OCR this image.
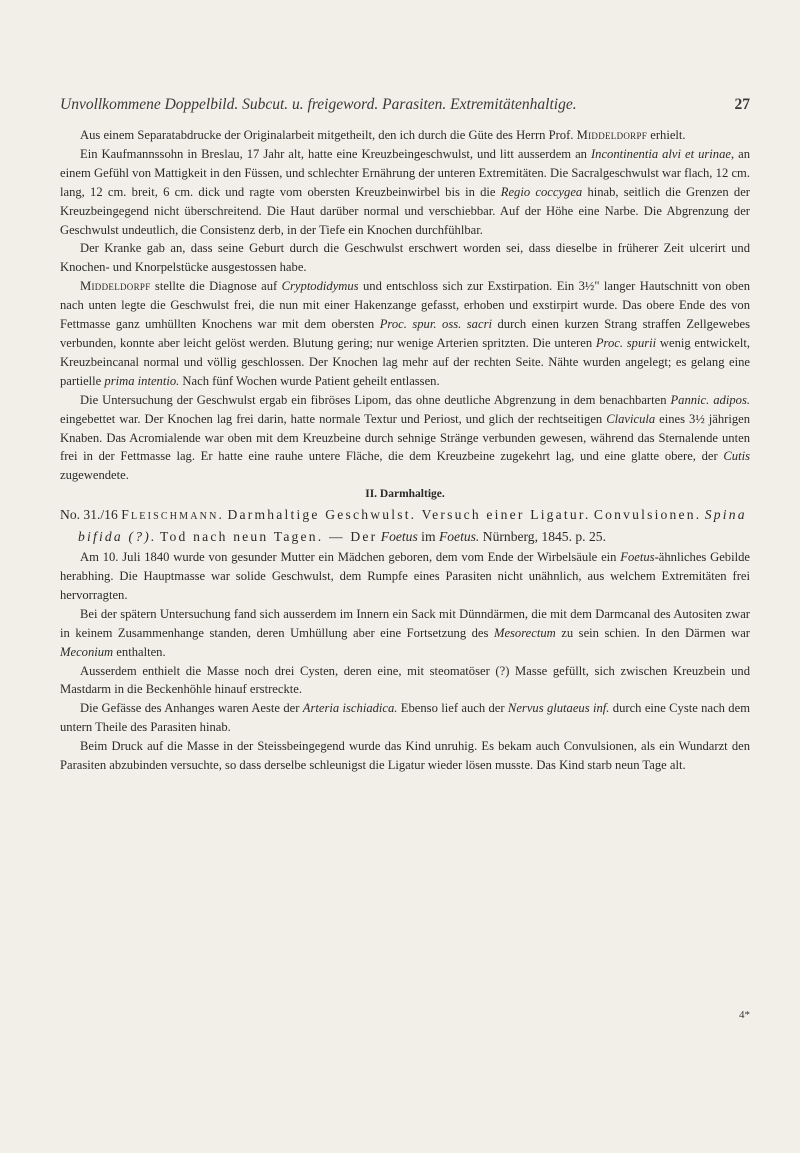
Unvollkommene Doppelbild. Subcut. u. freigeword. Parasiten. Extremitätenhaltige.	27

Aus einem Separatabdrucke der Originalarbeit mitgetheilt, den ich durch die Güte des Herrn Prof. Middeldorpf erhielt.

Ein Kaufmannssohn in Breslau, 17 Jahr alt, hatte eine Kreuzbeingeschwulst, und litt ausserdem an Incontinentia alvi et urinae, an einem Gefühl von Mattigkeit in den Füssen, und schlechter Ernährung der unteren Extremitäten. Die Sacralgeschwulst war flach, 12 cm. lang, 12 cm. breit, 6 cm. dick und ragte vom obersten Kreuzbeinwirbel bis in die Regio coccygea hinab, seitlich die Grenzen der Kreuzbeingegend nicht überschreitend. Die Haut darüber normal und verschiebbar. Auf der Höhe eine Narbe. Die Abgrenzung der Geschwulst undeutlich, die Consistenz derb, in der Tiefe ein Knochen durchfühlbar.

Der Kranke gab an, dass seine Geburt durch die Geschwulst erschwert worden sei, dass dieselbe in früherer Zeit ulcerirt und Knochen- und Knorpelstücke ausgestossen habe.

Middeldorpf stellte die Diagnose auf Cryptodidymus und entschloss sich zur Exstirpation. Ein 3½" langer Hautschnitt von oben nach unten legte die Geschwulst frei, die nun mit einer Hakenzange gefasst, erhoben und exstirpirt wurde. Das obere Ende des von Fettmasse ganz umhüllten Knochens war mit dem obersten Proc. spur. oss. sacri durch einen kurzen Strang straffen Zellgewebes verbunden, konnte aber leicht gelöst werden. Blutung gering; nur wenige Arterien spritzten. Die unteren Proc. spurii wenig entwickelt, Kreuzbeincanal normal und völlig geschlossen. Der Knochen lag mehr auf der rechten Seite. Nähte wurden angelegt; es gelang eine partielle prima intentio. Nach fünf Wochen wurde Patient geheilt entlassen.

Die Untersuchung der Geschwulst ergab ein fibröses Lipom, das ohne deutliche Abgrenzung in dem benachbarten Pannic. adipos. eingebettet war. Der Knochen lag frei darin, hatte normale Textur und Periost, und glich der rechtseitigen Clavicula eines 3½ jährigen Knaben. Das Acromialende war oben mit dem Kreuzbeine durch sehnige Stränge verbunden gewesen, während das Sternalende unten frei in der Fettmasse lag. Er hatte eine rauhe untere Fläche, die dem Kreuzbeine zugekehrt lag, und eine glatte obere, der Cutis zugewendete.

II. Darmhaltige.

No. 31./16 Fleischmann. Darmhaltige Geschwulst. Versuch einer Ligatur. Convulsionen. Spina bifida (?). Tod nach neun Tagen. — Der Foetus im Foetus. Nürnberg, 1845. p. 25.

Am 10. Juli 1840 wurde von gesunder Mutter ein Mädchen geboren, dem vom Ende der Wirbelsäule ein Foetus-ähnliches Gebilde herabhing. Die Hauptmasse war solide Geschwulst, dem Rumpfe eines Parasiten nicht unähnlich, aus welchem Extremitäten frei hervorragten.

Bei der spätern Untersuchung fand sich ausserdem im Innern ein Sack mit Dünndärmen, die mit dem Darmcanal des Autositen zwar in keinem Zusammenhange standen, deren Umhüllung aber eine Fortsetzung des Mesorectum zu sein schien. In den Därmen war Meconium enthalten.

Ausserdem enthielt die Masse noch drei Cysten, deren eine, mit steomatöser (?) Masse gefüllt, sich zwischen Kreuzbein und Mastdarm in die Beckenhöhle hinauf erstreckte.

Die Gefässe des Anhanges waren Aeste der Arteria ischiadica. Ebenso lief auch der Nervus glutaeus inf. durch eine Cyste nach dem untern Theile des Parasiten hinab.

Beim Druck auf die Masse in der Steissbeingegend wurde das Kind unruhig. Es bekam auch Convulsionen, als ein Wundarzt den Parasiten abzubinden versuchte, so dass derselbe schleunigst die Ligatur wieder lösen musste. Das Kind starb neun Tage alt.

4*
